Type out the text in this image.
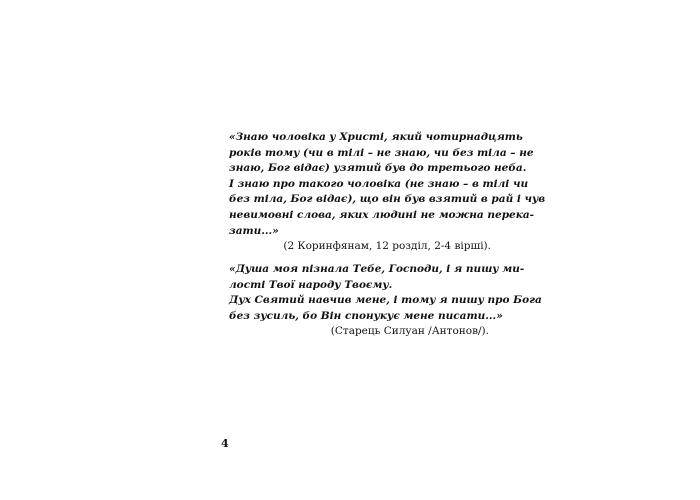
«Знаю чоловіка у Христі, який чотирнадцять
років тому (чи в тілі – не знаю, чи без тіла – не
знаю, Бог відає) узятий був до третього неба.
І знаю про такого чоловіка (не знаю – в тілі чи
без тіла, Бог відає), що він був взятий в рай і чув
невимовні слова, яких людині не можна перека-
зати...»
(2 Коринфянам, 12 розділ, 2-4 вірші).
«Душа моя пізнала Тебе, Господи, і я пишу ми-
лості Твої народу Твоєму.
Дух Святий навчив мене, і тому я пишу про Бога
без зусиль, бо Він спонукує мене писати...»
(Старець Силуан /Антонов/).
4
